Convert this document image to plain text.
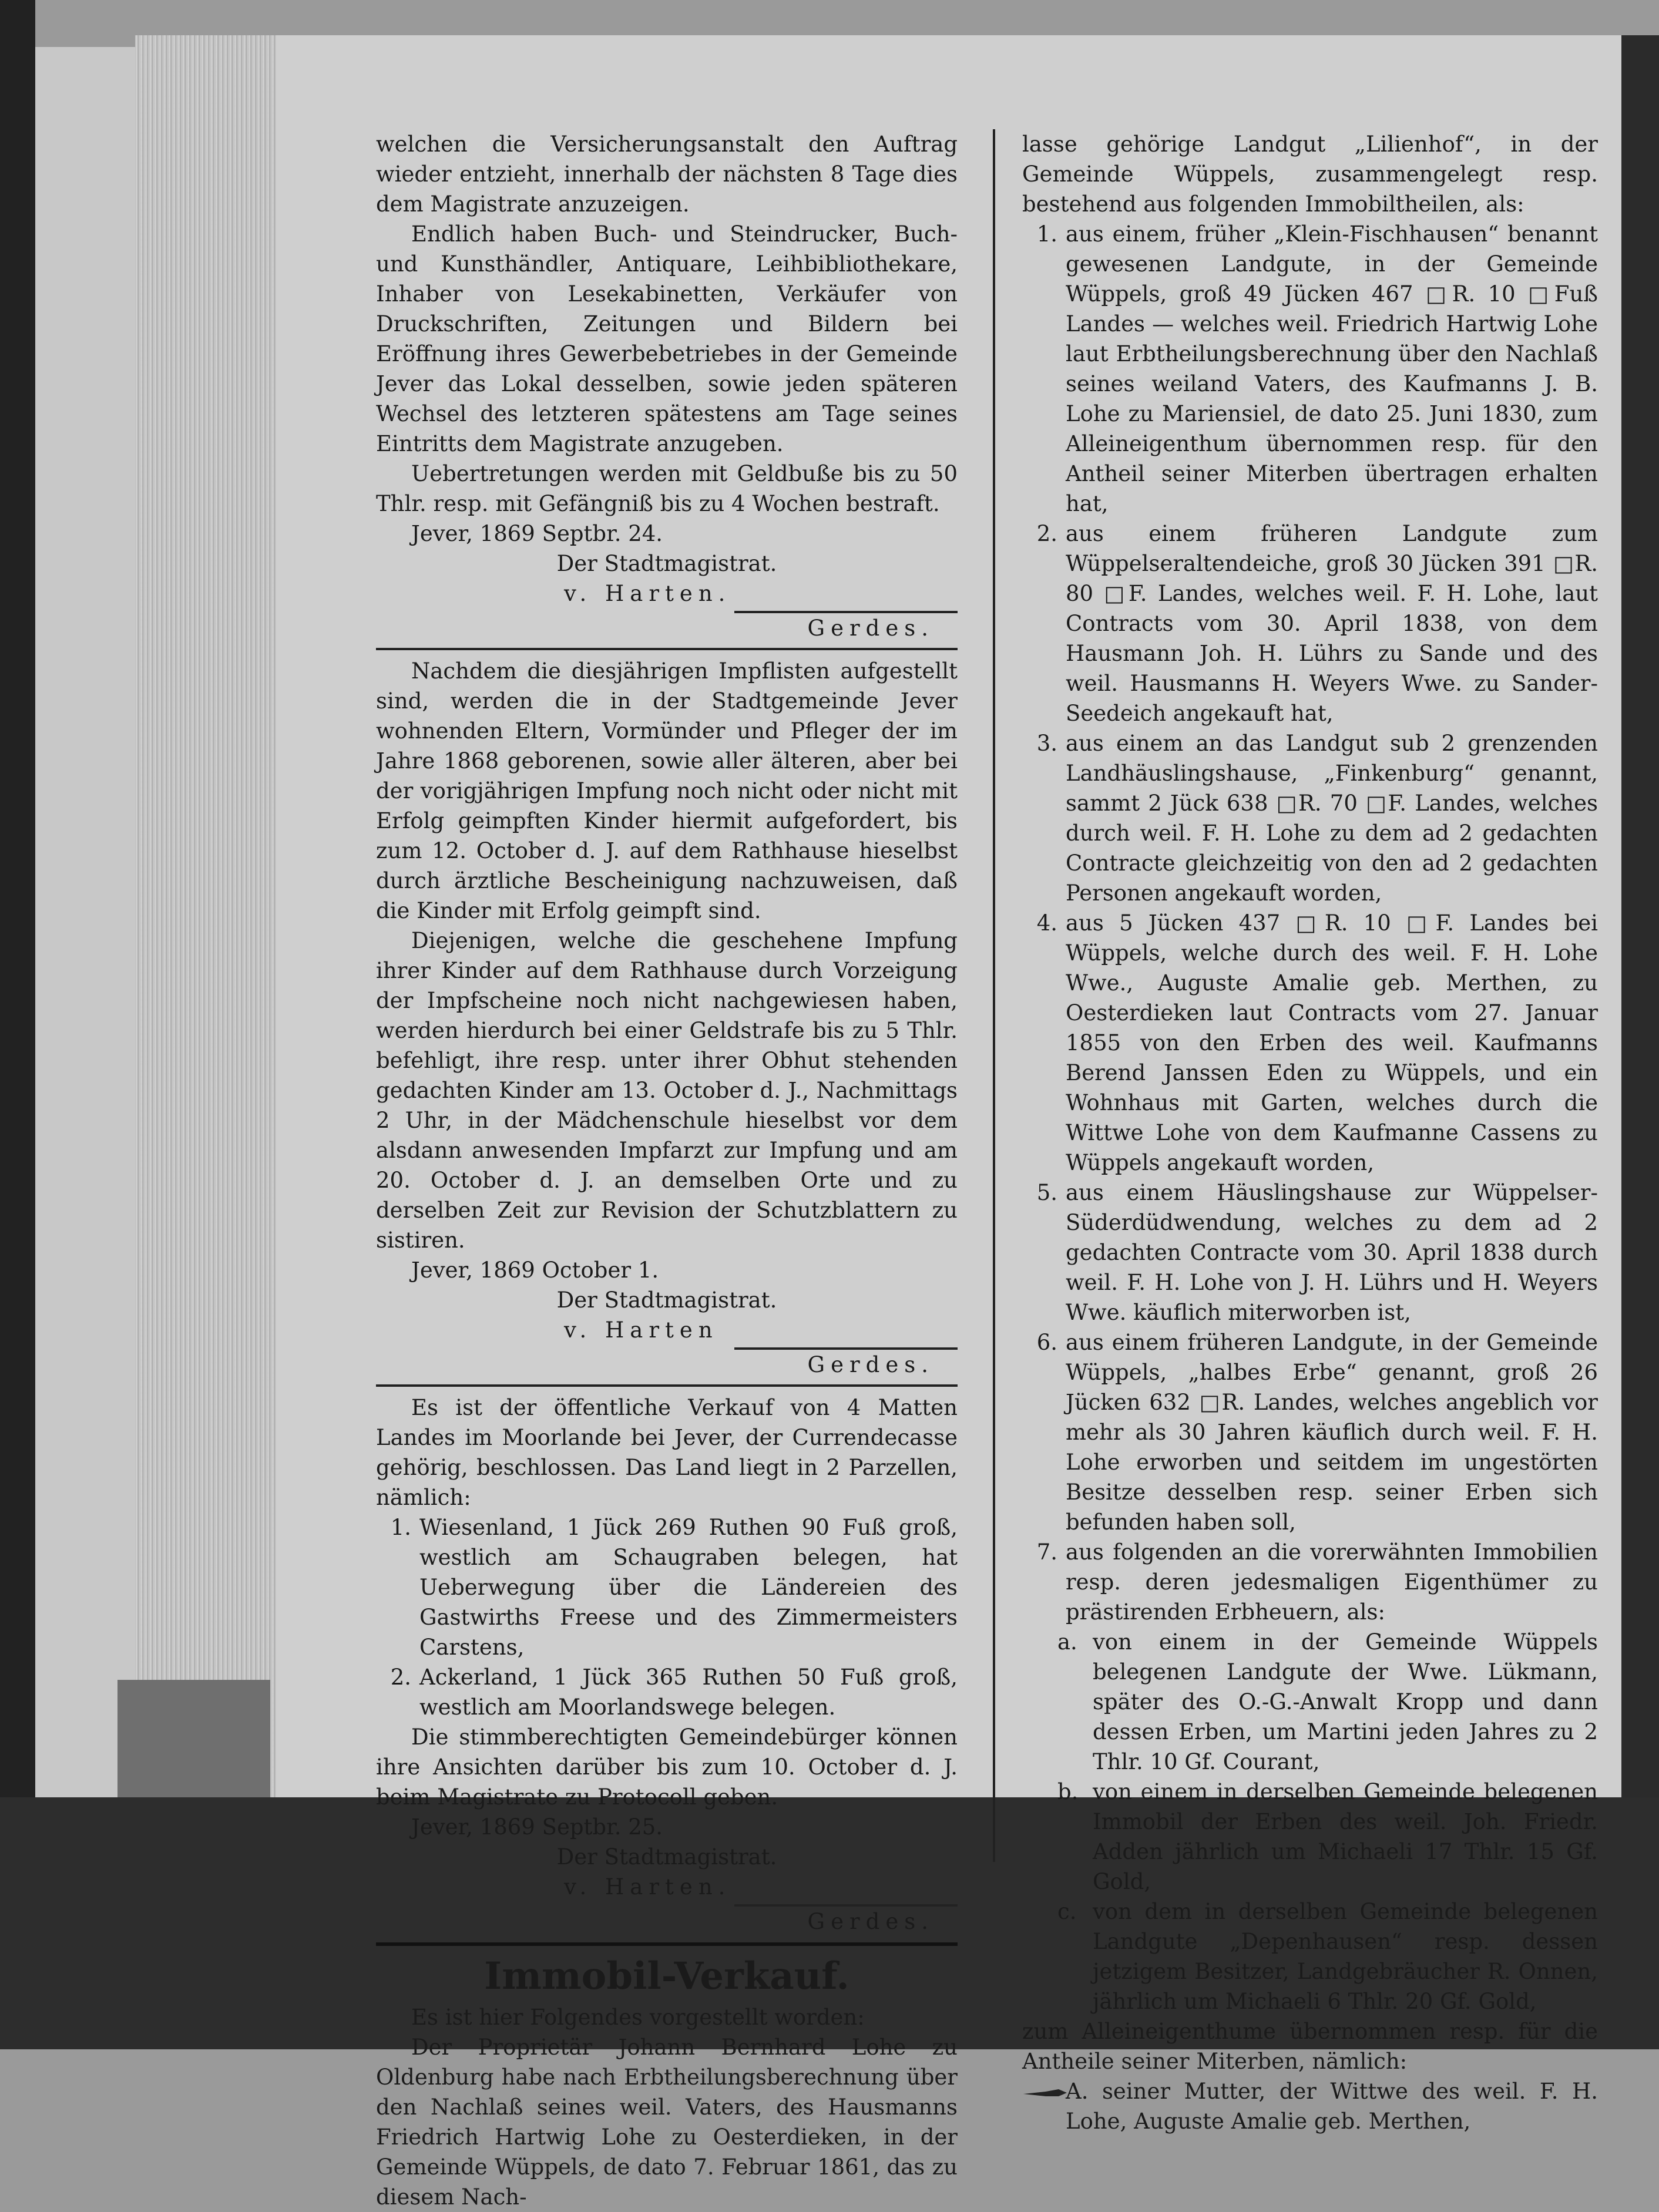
welchen die Versicherungsanstalt den Auftrag wieder entzieht, innerhalb der nächsten 8 Tage dies dem Magistrate anzuzeigen.

Endlich haben Buch- und Steindrucker, Buch- und Kunsthändler, Antiquare, Leihbibliothekare, Inhaber von Lesekabinetten, Verkäufer von Druckschriften, Zeitungen und Bildern bei Eröffnung ihres Gewerbebetriebes in der Gemeinde Jever das Lokal desselben, sowie jeden späteren Wechsel des letzteren spätestens am Tage seines Eintritts dem Magistrate anzugeben.

Uebertretungen werden mit Geldbuße bis zu 50 Thlr. resp. mit Gefängniß bis zu 4 Wochen bestraft.

Jever, 1869 Septbr. 24.

Der Stadtmagistrat.

v. Harten.

Gerdes.

Nachdem die diesjährigen Impflisten aufgestellt sind, werden die in der Stadtgemeinde Jever wohnenden Eltern, Vormünder und Pfleger der im Jahre 1868 geborenen, sowie aller älteren, aber bei der vorigjährigen Impfung noch nicht oder nicht mit Erfolg geimpften Kinder hiermit aufgefordert, bis zum 12. October d. J. auf dem Rathhause hieselbst durch ärztliche Bescheinigung nachzuweisen, daß die Kinder mit Erfolg geimpft sind.

Diejenigen, welche die geschehene Impfung ihrer Kinder auf dem Rathhause durch Vorzeigung der Impfscheine noch nicht nachgewiesen haben, werden hierdurch bei einer Geldstrafe bis zu 5 Thlr. befehligt, ihre resp. unter ihrer Obhut stehenden gedachten Kinder am 13. October d. J., Nachmittags 2 Uhr, in der Mädchenschule hieselbst vor dem alsdann anwesenden Impfarzt zur Impfung und am 20. October d. J. an demselben Orte und zu derselben Zeit zur Revision der Schutzblattern zu sistiren.

Jever, 1869 October 1.

Der Stadtmagistrat.

v. Harten

Gerdes.

Es ist der öffentliche Verkauf von 4 Matten Landes im Moorlande bei Jever, der Currendecasse gehörig, beschlossen. Das Land liegt in 2 Parzellen, nämlich:

1. Wiesenland, 1 Jück 269 Ruthen 90 Fuß groß, westlich am Schaugraben belegen, hat Ueberwegung über die Ländereien des Gastwirths Freese und des Zimmermeisters Carstens,
2. Ackerland, 1 Jück 365 Ruthen 50 Fuß groß, westlich am Moorlandswege belegen.

Die stimmberechtigten Gemeindebürger können ihre Ansichten darüber bis zum 10. October d. J. beim Magistrate zu Protocoll geben.

Jever, 1869 Septbr. 25.

Der Stadtmagistrat.

v. Harten.

Gerdes.

Immobil-Verkauf.

Es ist hier Folgendes vorgestellt worden:

Der Proprietär Johann Bernhard Lohe zu Oldenburg habe nach Erbtheilungsberechnung über den Nachlaß seines weil. Vaters, des Hausmanns Friedrich Hartwig Lohe zu Oesterdieken, in der Gemeinde Wüppels, de dato 7. Februar 1861, das zu diesem Nach-

lasse gehörige Landgut „Lilienhof“, in der Gemeinde Wüppels, zusammengelegt resp. bestehend aus folgenden Immobiltheilen, als:

1. aus einem, früher „Klein-Fischhausen“ benannt gewesenen Landgute, in der Gemeinde Wüppels, groß 49 Jücken 467 □R. 10 □Fuß Landes — welches weil. Friedrich Hartwig Lohe laut Erbtheilungsberechnung über den Nachlaß seines weiland Vaters, des Kaufmanns J. B. Lohe zu Mariensiel, de dato 25. Juni 1830, zum Alleineigenthum übernommen resp. für den Antheil seiner Miterben übertragen erhalten hat,
2. aus einem früheren Landgute zum Wüppelseraltendeiche, groß 30 Jücken 391 □R. 80 □F. Landes, welches weil. F. H. Lohe, laut Contracts vom 30. April 1838, von dem Hausmann Joh. H. Lührs zu Sande und des weil. Hausmanns H. Weyers Wwe. zu Sander-Seedeich angekauft hat,
3. aus einem an das Landgut sub 2 grenzenden Landhäuslingshause, „Finkenburg“ genannt, sammt 2 Jück 638 □R. 70 □F. Landes, welches durch weil. F. H. Lohe zu dem ad 2 gedachten Contracte gleichzeitig von den ad 2 gedachten Personen angekauft worden,
4. aus 5 Jücken 437 □R. 10 □F. Landes bei Wüppels, welche durch des weil. F. H. Lohe Wwe., Auguste Amalie geb. Merthen, zu Oesterdieken laut Contracts vom 27. Januar 1855 von den Erben des weil. Kaufmanns Berend Janssen Eden zu Wüppels, und ein Wohnhaus mit Garten, welches durch die Wittwe Lohe von dem Kaufmanne Cassens zu Wüppels angekauft worden,
5. aus einem Häuslingshause zur Wüppelser-Süderdüdwendung, welches zu dem ad 2 gedachten Contracte vom 30. April 1838 durch weil. F. H. Lohe von J. H. Lührs und H. Weyers Wwe. käuflich miterworben ist,
6. aus einem früheren Landgute, in der Gemeinde Wüppels, „halbes Erbe“ genannt, groß 26 Jücken 632 □R. Landes, welches angeblich vor mehr als 30 Jahren käuflich durch weil. F. H. Lohe erworben und seitdem im ungestörten Besitze desselben resp. seiner Erben sich befunden haben soll,
7. aus folgenden an die vorerwähnten Immobilien resp. deren jedesmaligen Eigenthümer zu prästirenden Erbheuern, als:
a. von einem in der Gemeinde Wüppels belegenen Landgute der Wwe. Lükmann, später des O.-G.-Anwalt Kropp und dann dessen Erben, um Martini jeden Jahres zu 2 Thlr. 10 Gf. Courant,
b. von einem in derselben Gemeinde belegenen Immobil der Erben des weil. Joh. Friedr. Adden jährlich um Michaeli 17 Thlr. 15 Gf. Gold,
c. von dem in derselben Gemeinde belegenen Landgute „Depenhausen“ resp. dessen jetzigem Besitzer, Landgebräucher R. Onnen, jährlich um Michaeli 6 Thlr. 20 Gf. Gold,

zum Alleineigenthume übernommen resp. für die Antheile seiner Miterben, nämlich:

A. seiner Mutter, der Wittwe des weil. F. H. Lohe, Auguste Amalie geb. Merthen,
